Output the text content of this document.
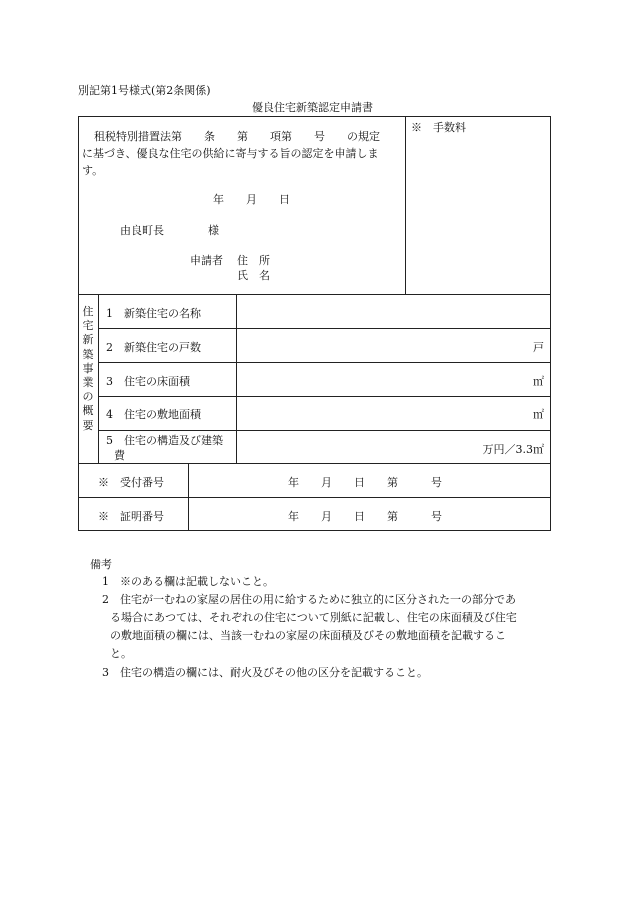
別記第1号様式(第2条関係)
優良住宅新築認定申請書
※　手数料
租税特別措置法第　　条　　第　　項第　　号　　の規定
に基づき、優良な住宅の供給に寄与する旨の認定を申請しま
す。
年　　月　　日
由良町長　　　　様
申請者 住　所
氏　名
住宅新築事業の概要
1　新築住宅の名称
2　新築住宅の戸数	戸
3　住宅の床面積	㎡
4　住宅の敷地面積	㎡
5　住宅の構造及び建築
費	万円／3.3㎡
※　受付番号	年　　月　　日　　第　　　号
※　証明番号	年　　月　　日　　第　　　号
備考
1　※のある欄は記載しないこと。
2　住宅が一むねの家屋の居住の用に給するために独立的に区分された一の部分であ
る場合にあつては、それぞれの住宅について別紙に記載し、住宅の床面積及び住宅
の敷地面積の欄には、当該一むねの家屋の床面積及びその敷地面積を記載するこ
と。
3　住宅の構造の欄には、耐火及びその他の区分を記載すること。
